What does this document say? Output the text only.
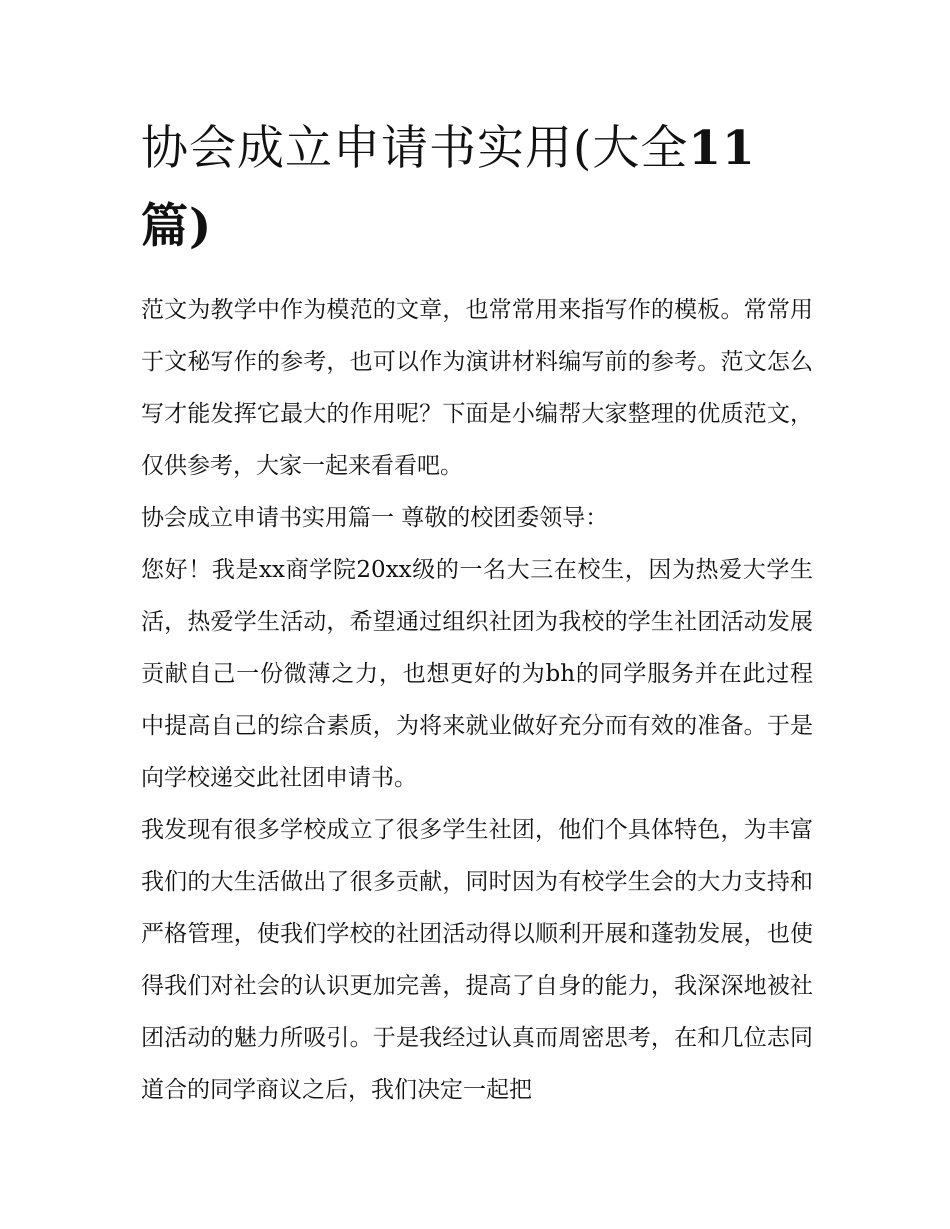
协会成立申请书实用(大全11篇)

范文为教学中作为模范的文章，也常常用来指写作的模板。常常用于文秘写作的参考，也可以作为演讲材料编写前的参考。范文怎么写才能发挥它最大的作用呢？下面是小编帮大家整理的优质范文，仅供参考，大家一起来看看吧。

协会成立申请书实用篇一 尊敬的校团委领导：

您好！我是xx商学院20xx级的一名大三在校生，因为热爱大学生活，热爱学生活动，希望通过组织社团为我校的学生社团活动发展贡献自己一份微薄之力，也想更好的为bh的同学服务并在此过程中提高自己的综合素质，为将来就业做好充分而有效的准备。于是向学校递交此社团申请书。

我发现有很多学校成立了很多学生社团，他们个具体特色，为丰富我们的大生活做出了很多贡献，同时因为有校学生会的大力支持和严格管理，使我们学校的社团活动得以顺利开展和蓬勃发展，也使得我们对社会的认识更加完善，提高了自身的能力，我深深地被社团活动的魅力所吸引。于是我经过认真而周密思考，在和几位志同道合的同学商议之后，我们决定一起把
